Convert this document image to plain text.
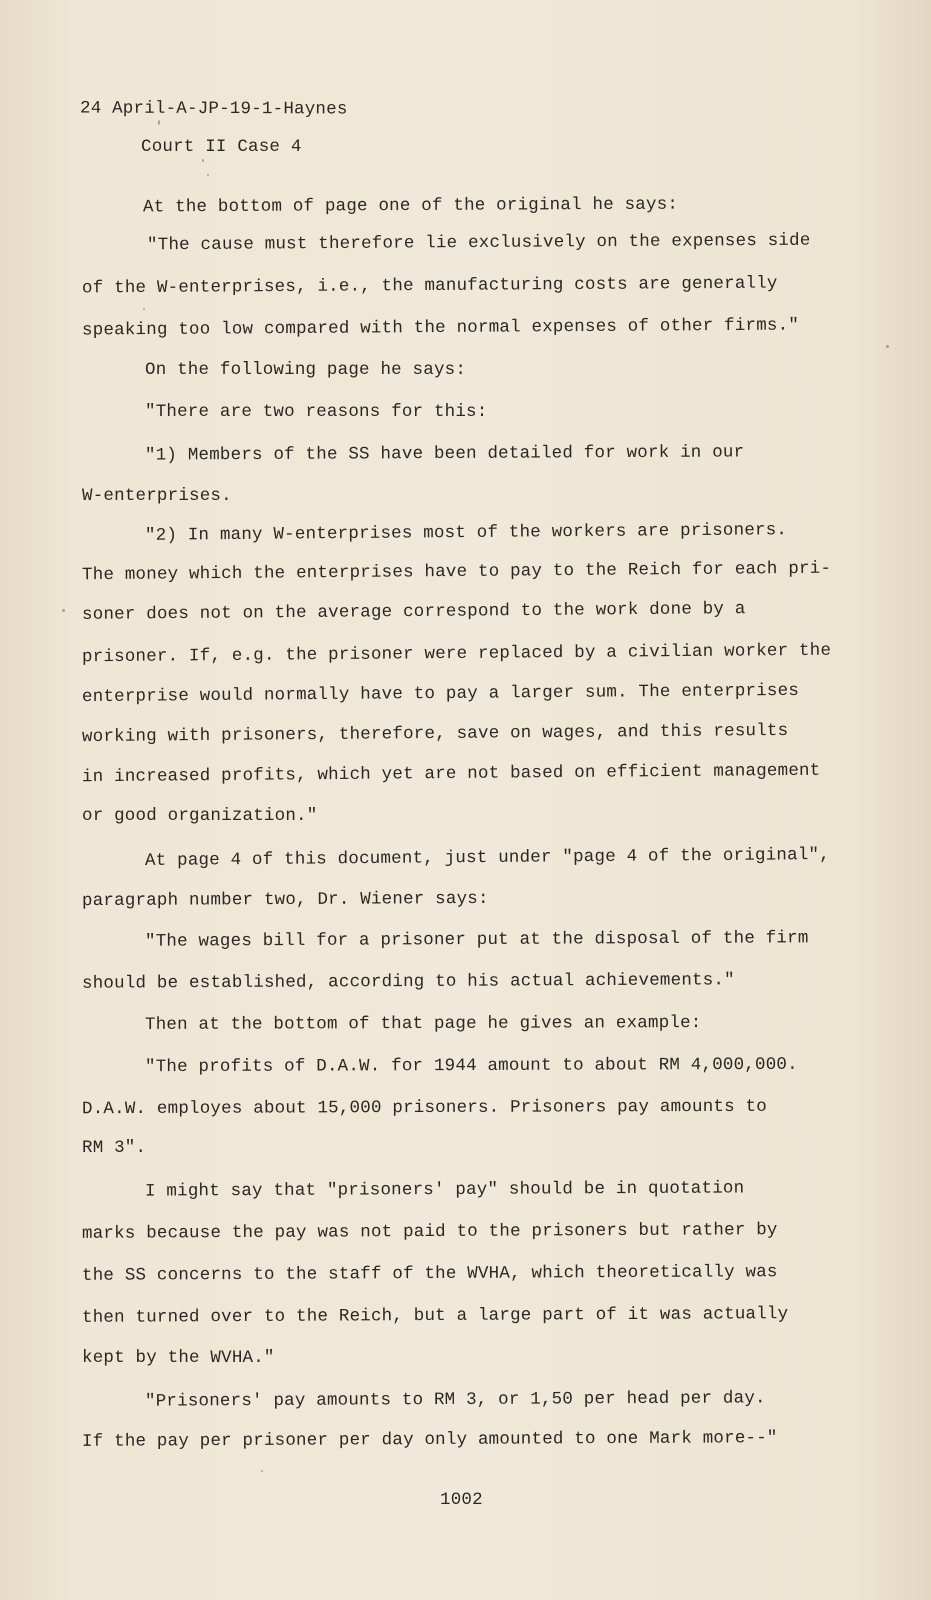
24 April-A-JP-19-1-Haynes

Court II Case 4

At the bottom of page one of the original he says:

"The cause must therefore lie exclusively on the expenses side

of the W-enterprises, i.e., the manufacturing costs are generally

speaking too low compared with the normal expenses of other firms."

On the following page he says:

"There are two reasons for this:

"1) Members of the SS have been detailed for work in our

W-enterprises.

"2) In many W-enterprises most of the workers are prisoners.

The money which the enterprises have to pay to the Reich for each pri-

soner does not on the average correspond to the work done by a

prisoner. If, e.g. the prisoner were replaced by a civilian worker the

enterprise would normally have to pay a larger sum. The enterprises

working with prisoners, therefore, save on wages, and this results

in increased profits, which yet are not based on efficient management

or good organization."

At page 4 of this document, just under "page 4 of the original",

paragraph number two, Dr. Wiener says:

"The wages bill for a prisoner put at the disposal of the firm

should be established, according to his actual achievements."

Then at the bottom of that page he gives an example:

"The profits of D.A.W. for 1944 amount to about RM 4,000,000.

D.A.W. employes about 15,000 prisoners. Prisoners pay amounts to

RM 3".

I might say that "prisoners' pay" should be in quotation

marks because the pay was not paid to the prisoners but rather by

the SS concerns to the staff of the WVHA, which theoretically was

then turned over to the Reich, but a large part of it was actually

kept by the WVHA."

"Prisoners' pay amounts to RM 3, or 1,50 per head per day.

If the pay per prisoner per day only amounted to one Mark more--"

1002
